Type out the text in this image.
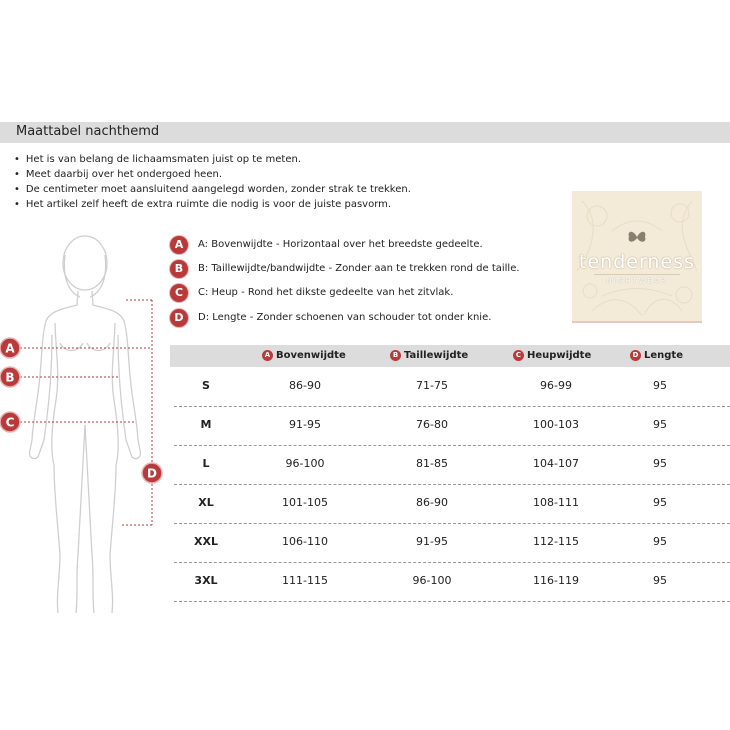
Maattabel nachthemd
• Het is van belang de lichaamsmaten juist op te meten.
• Meet daarbij over het ondergoed heen.
• De centimeter moet aansluitend aangelegd worden, zonder strak te trekken.
• Het artikel zelf heeft de extra ruimte die nodig is voor de juiste pasvorm.
tenderness
NIGHTWEAR
A
B
C
D
A	A: Bovenwijdte - Horizontaal over het breedste gedeelte.
B	B: Taillewijdte/bandwijdte - Zonder aan te trekken rond de taille.
C	C: Heup - Rond het dikste gedeelte van het zitvlak.
D	D: Lengte - Zonder schoenen van schouder tot onder knie.
A Bovenwijdte	B Taillewijdte	C Heupwijdte	D Lengte
S	86-90	71-75	96-99	95
M	91-95	76-80	100-103	95
L	96-100	81-85	104-107	95
XL	101-105	86-90	108-111	95
XXL	106-110	91-95	112-115	95
3XL	111-115	96-100	116-119	95
